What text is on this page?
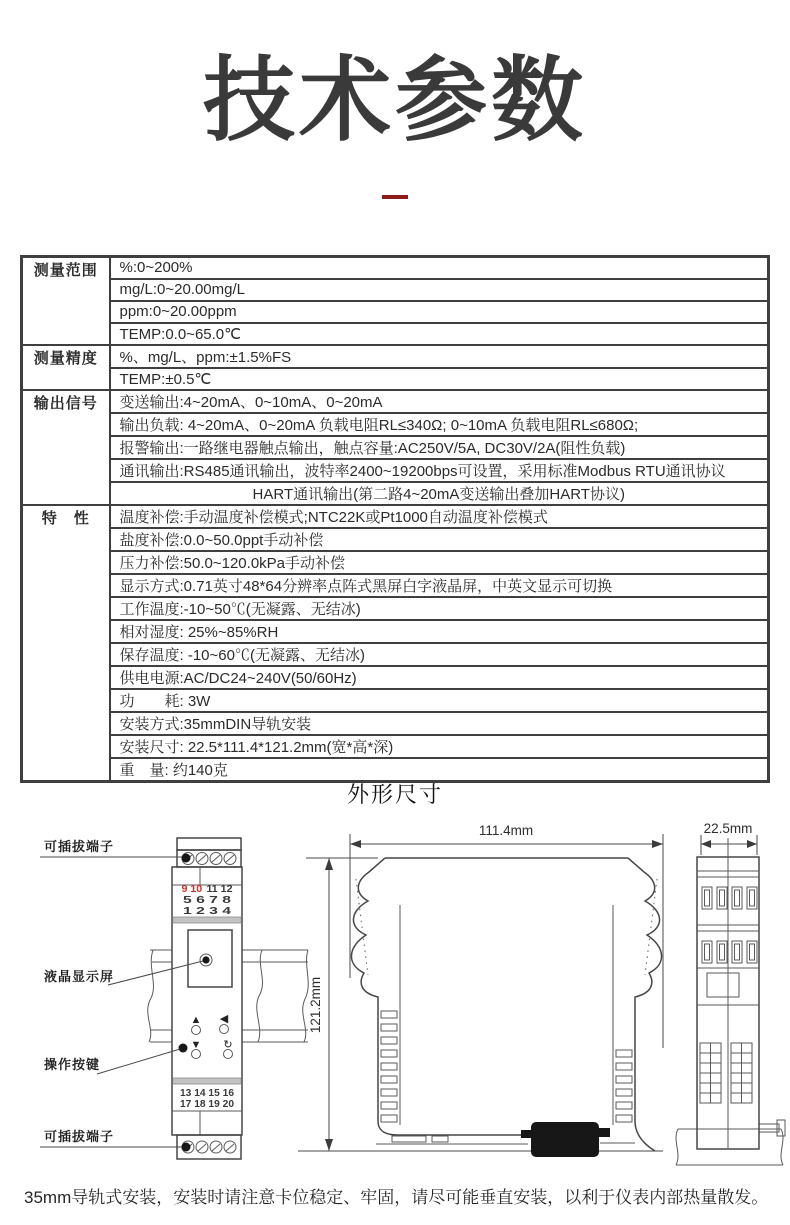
技术参数
测量范围	%:0~200%
	mg/L:0~20.00mg/L
	ppm:0~20.00ppm
	TEMP:0.0~65.0℃
测量精度	%、mg/L、ppm:±1.5%FS
	TEMP:±0.5℃
输出信号	变送输出:4~20mA、0~10mA、0~20mA
	输出负载: 4~20mA、0~20mA 负载电阻RL≤340Ω; 0~10mA 负载电阻RL≤680Ω;
	报警输出:一路继电器触点输出，触点容量:AC250V/5A, DC30V/2A(阻性负载)
	通讯输出:RS485通讯输出，波特率2400~19200bps可设置，采用标准Modbus RTU通讯协议
	HART通讯输出(第二路4~20mA变送输出叠加HART协议)
特　性	温度补偿:手动温度补偿模式;NTC22K或Pt1000自动温度补偿模式
	盐度补偿:0.0~50.0ppt手动补偿
	压力补偿:50.0~120.0kPa手动补偿
	显示方式:0.71英寸48*64分辨率点阵式黑屏白字液晶屏，中英文显示可切换
	工作温度:-10~50℃(无凝露、无结冰)
	相对湿度: 25%~85%RH
	保存温度: -10~60℃(无凝露、无结冰)
	供电电源:AC/DC24~240V(50/60Hz)
	功　　耗: 3W
	安装方式:35mmDIN导轨安装
	安装尺寸: 22.5*111.4*121.2mm(宽*高*深)
	重　量: 约140克
外形尺寸
9 10 11 12
5 6 7 8
1 2 3 4
▲ ◀
▼ ↻
13 14 15 16
17 18 19 20
可插拔端子
液晶显示屏
操作按键
可插拔端子
111.4mm
121.2mm
22.5mm
35mm导轨式安装，安装时请注意卡位稳定、牢固，请尽可能垂直安装，以利于仪表内部热量散发。
